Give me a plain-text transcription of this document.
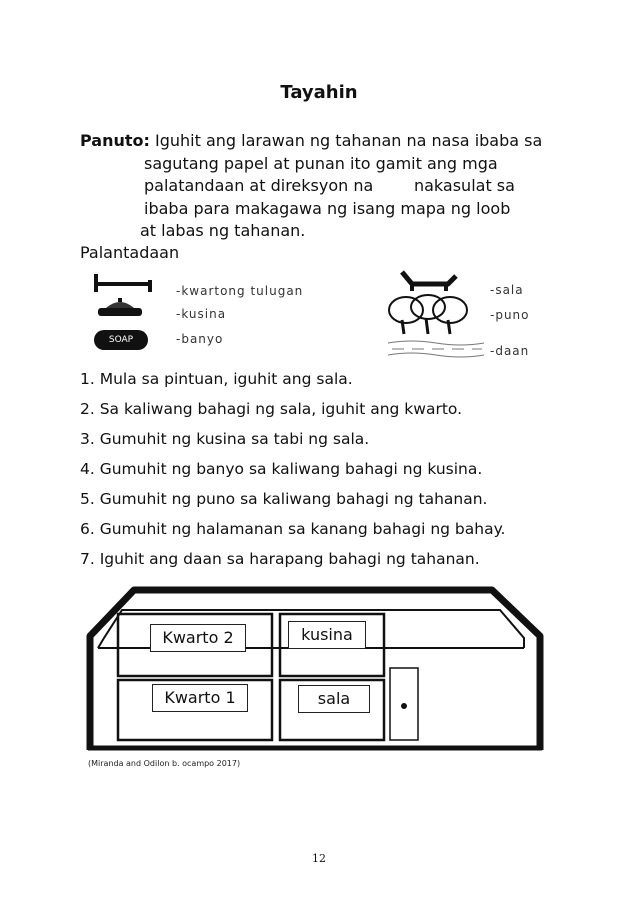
Tayahin
Panuto: Iguhit ang larawan ng tahanan na nasa ibaba sa
sagutang papel at punan ito gamit ang mga
palatandaan at direksyon na        nakasulat sa
ibaba para makagawa ng isang mapa ng loob
at labas ng tahanan.
Palantadaan
-kwartong tulugan
-kusina
SOAP	-banyo
-sala
-puno
-daan
1. Mula sa pintuan, iguhit ang sala.
2. Sa kaliwang bahagi ng sala, iguhit ang kwarto.
3. Gumuhit ng kusina sa tabi ng sala.
4. Gumuhit ng banyo sa kaliwang bahagi ng kusina.
5. Gumuhit ng puno sa kaliwang bahagi ng tahanan.
6. Gumuhit ng halamanan sa kanang bahagi ng bahay.
7. Iguhit ang daan sa harapang bahagi ng tahanan.
Kwarto 2	kusina
Kwarto 1	sala
(Miranda and Odilon b. ocampo 2017)
12
